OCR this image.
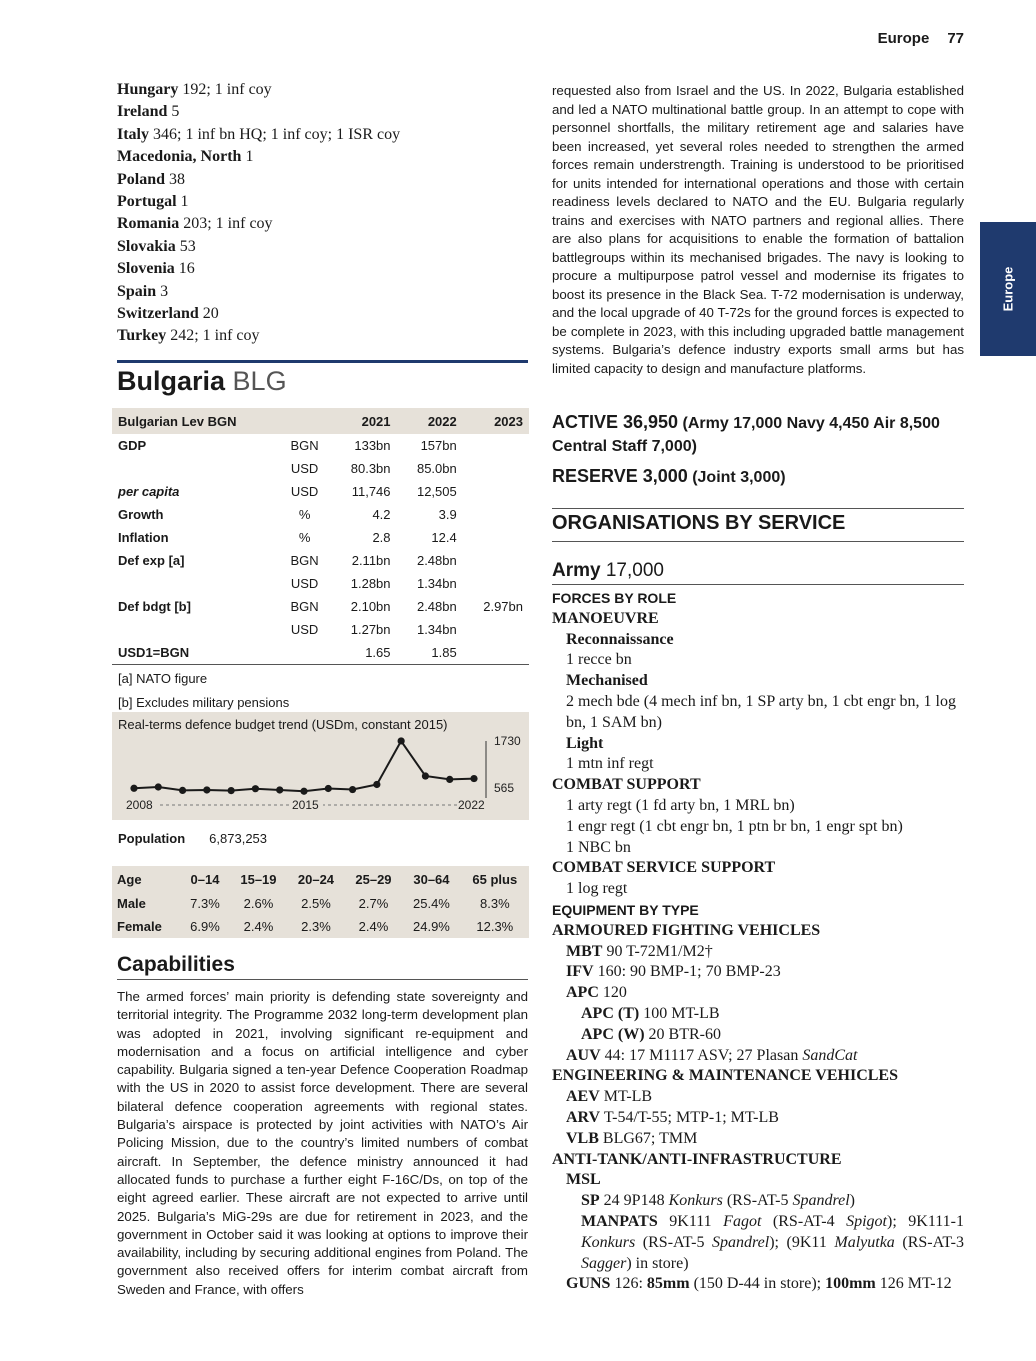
Europe 77
Europe
Hungary 192; 1 inf coy
Ireland 5
Italy 346; 1 inf bn HQ; 1 inf coy; 1 ISR coy
Macedonia, North 1
Poland 38
Portugal 1
Romania 203; 1 inf coy
Slovakia 53
Slovenia 16
Spain 3
Switzerland 20
Turkey 242; 1 inf coy
Bulgaria BLG
Bulgarian Lev BGN		2021	2022	2023
GDP	BGN	133bn	157bn	
	USD	80.3bn	85.0bn	
per capita	USD	11,746	12,505	
Growth	%	4.2	3.9	
Inflation	%	2.8	12.4	
Def exp [a]	BGN	2.11bn	2.48bn	
	USD	1.28bn	1.34bn	
Def bdgt [b]	BGN	2.10bn	2.48bn	2.97bn
	USD	1.27bn	1.34bn	
USD1=BGN		1.65	1.85	
[a] NATO figure
[b] Excludes military pensions
Real-terms defence budget trend (USDm, constant 2015)
1730
565
2008	2015	2022
Population 6,873,253
Age	0–14	15–19	20–24	25–29	30–64	65 plus
Male	7.3%	2.6%	2.5%	2.7%	25.4%	8.3%
Female	6.9%	2.4%	2.3%	2.4%	24.9%	12.3%
Capabilities
The armed forces’ main priority is defending state sovereignty and territorial integrity. The Programme 2032 long-term development plan was adopted in 2021, involving significant re-equipment and modernisation and a focus on artificial intelligence and cyber capability. Bulgaria signed a ten-year Defence Cooperation Roadmap with the US in 2020 to assist force development. There are several bilateral defence cooperation agreements with regional states. Bulgaria’s airspace is protected by joint activities with NATO’s Air Policing Mission, due to the country’s limited numbers of combat aircraft. In September, the defence ministry announced it had allocated funds to purchase a further eight F-16C/Ds, on top of the eight agreed earlier. These aircraft are not expected to arrive until 2025. Bulgaria’s MiG-29s are due for retirement in 2023, and the government in October said it was looking at options to improve their availability, including by securing additional engines from Poland. The government also received offers for interim combat aircraft from Sweden and France, with offers
requested also from Israel and the US. In 2022, Bulgaria established and led a NATO multinational battle group. In an attempt to cope with personnel shortfalls, the military retirement age and salaries have been increased, yet several roles needed to strengthen the armed forces remain understrength. Training is understood to be prioritised for units intended for international operations and those with certain readiness levels declared to NATO and the EU. Bulgaria regularly trains and exercises with NATO partners and regional allies. There are also plans for acquisitions to enable the formation of battalion battlegroups within its mechanised brigades. The navy is looking to procure a multipurpose patrol vessel and modernise its frigates to boost its presence in the Black Sea. T-72 modernisation is underway, and the local upgrade of 40 T-72s for the ground forces is expected to be complete in 2023, with this including upgraded battle management systems. Bulgaria’s defence industry exports small arms but has limited capacity to design and manufacture platforms.
ACTIVE 36,950 (Army 17,000 Navy 4,450 Air 8,500 Central Staff 7,000)
RESERVE 3,000 (Joint 3,000)
ORGANISATIONS BY SERVICE
Army 17,000
FORCES BY ROLE
MANOEUVRE
Reconnaissance
1 recce bn
Mechanised
2 mech bde (4 mech inf bn, 1 SP arty bn, 1 cbt engr bn, 1 log bn, 1 SAM bn)
Light
1 mtn inf regt
COMBAT SUPPORT
1 arty regt (1 fd arty bn, 1 MRL bn)
1 engr regt (1 cbt engr bn, 1 ptn br bn, 1 engr spt bn)
1 NBC bn
COMBAT SERVICE SUPPORT
1 log regt
EQUIPMENT BY TYPE
ARMOURED FIGHTING VEHICLES
MBT 90 T-72M1/M2†
IFV 160: 90 BMP-1; 70 BMP-23
APC 120
APC (T) 100 MT-LB
APC (W) 20 BTR-60
AUV 44: 17 M1117 ASV; 27 Plasan SandCat
ENGINEERING & MAINTENANCE VEHICLES
AEV MT-LB
ARV T-54/T-55; MTP-1; MT-LB
VLB BLG67; TMM
ANTI-TANK/ANTI-INFRASTRUCTURE
MSL
SP 24 9P148 Konkurs (RS-AT-5 Spandrel)
MANPATS 9K111 Fagot (RS-AT-4 Spigot); 9K111-1 Konkurs (RS-AT-5 Spandrel); (9K11 Malyutka (RS-AT-3 Sagger) in store)
GUNS 126: 85mm (150 D-44 in store); 100mm 126 MT-12
